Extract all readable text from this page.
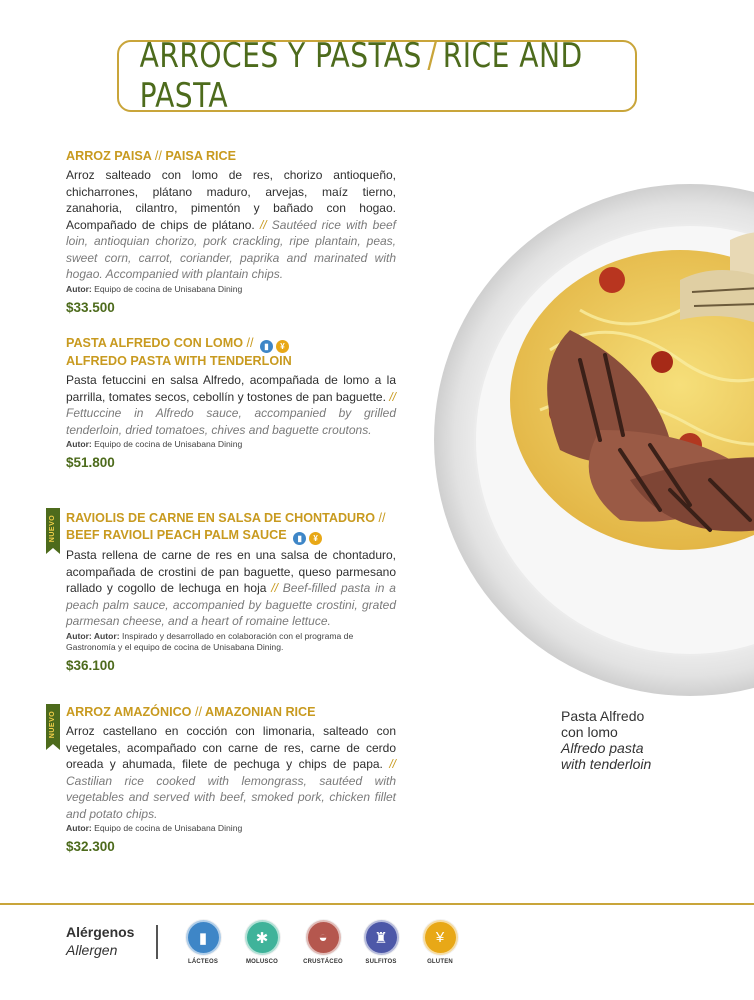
ARROCES Y PASTAS / RICE AND PASTA
ARROZ PAISA // PAISA RICE
Arroz salteado con lomo de res, chorizo antioqueño, chicharrones, plátano maduro, arvejas, maíz tierno, zanahoria, cilantro, pimentón y bañado con hogao. Acompañado de chips de plátano. // Sautéed rice with beef loin, antioquian chorizo, pork crackling, ripe plantain, peas, sweet corn, carrot, coriander, paprika and marinated with hogao. Accompanied with plantain chips.
Autor: Equipo de cocina de Unisabana Dining
$33.500
PASTA ALFREDO CON LOMO // ▮ ¥
ALFREDO PASTA WITH TENDERLOIN
Pasta fetuccini en salsa Alfredo, acompañada de lomo a la parrilla, tomates secos, cebollín y tostones de pan baguette. // Fettuccine in Alfredo sauce, accompanied by grilled tenderloin, dried tomatoes, chives and baguette croutons.
Autor: Equipo de cocina de Unisabana Dining
$51.800
NUEVO RAVIOLIS DE CARNE EN SALSA DE CHONTADURO //
BEEF RAVIOLI PEACH PALM SAUCE ▮ ¥
Pasta rellena de carne de res en una salsa de chontaduro, acompañada de crostini de pan baguette, queso parmesano rallado y cogollo de lechuga en hoja // Beef-filled pasta in a peach palm sauce, accompanied by baguette crostini, grated parmesan cheese, and a heart of romaine lettuce.
Autor: Autor: Inspirado y desarrollado en colaboración con el programa de Gastronomía y el equipo de cocina de Unisabana Dining.
$36.100
NUEVO ARROZ AMAZÓNICO // AMAZONIAN RICE
Arroz castellano en cocción con limonaria, salteado con vegetales, acompañado con carne de res, carne de cerdo oreada y ahumada, filete de pechuga y chips de papa. // Castilian rice cooked with lemongrass, sautéed with vegetables and served with beef, smoked pork, chicken fillet and potato chips.
Autor: Equipo de cocina de Unisabana Dining
$32.300
Pasta Alfredo
con lomo
Alfredo pasta
with tenderloin
Alérgenos
Allergen
▮
LÁCTEOS
✱
MOLUSCO
◒
CRUSTÁCEO
♜
SULFITOS
¥
GLUTEN
